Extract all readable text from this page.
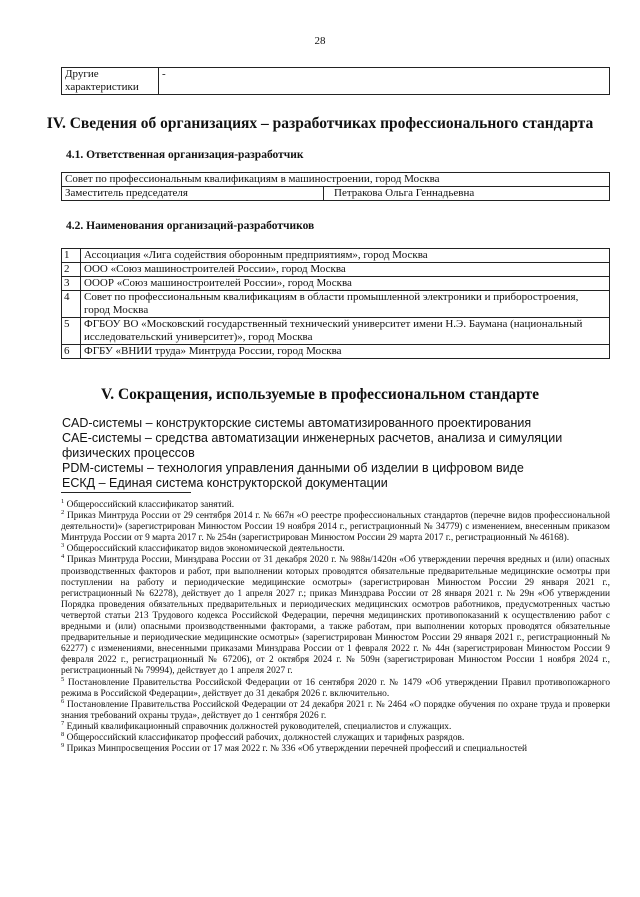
28
Другие характеристики	-
IV. Сведения об организациях – разработчиках профессионального стандарта
4.1. Ответственная организация-разработчик
Совет по профессиональным квалификациям в машиностроении, город Москва
Заместитель председателя	Петракова Ольга Геннадьевна
4.2. Наименования организаций-разработчиков
1	Ассоциация «Лига содействия оборонным предприятиям», город Москва
2	ООО «Союз машиностроителей России», город Москва
3	ОООР «Союз машиностроителей России», город Москва
4	Совет по профессиональным квалификациям в области промышленной электроники и приборостроения, город Москва
5	ФГБОУ ВО «Московский государственный технический университет имени Н.Э. Баумана (национальный исследовательский университет)», город Москва
6	ФГБУ «ВНИИ труда» Минтруда России, город Москва
V. Сокращения, используемые в профессиональном стандарте
CAD-системы – конструкторские системы автоматизированного проектирования
CAE-системы – средства автоматизации инженерных расчетов, анализа и симуляции физических процессов
PDM-системы – технология управления данными об изделии в цифровом виде
ЕСКД – Единая система конструкторской документации

$^1$ Общероссийский классификатор занятий.

$^2$ Приказ Минтруда России от 29 сентября 2014 г. № 667н «О реестре профессиональных стандартов (перечне видов профессиональной деятельности)» (зарегистрирован Минюстом России 19 ноября 2014 г., регистрационный № 34779) с изменением, внесенным приказом Минтруда России от 9 марта 2017 г. № 254н (зарегистрирован Минюстом России 29 марта 2017 г., регистрационный № 46168).

$^3$ Общероссийский классификатор видов экономической деятельности.

$^4$ Приказ Минтруда России, Минздрава России от 31 декабря 2020 г. № 988н/1420н «Об утверждении перечня вредных и (или) опасных производственных факторов и работ, при выполнении которых проводятся обязательные предварительные медицинские осмотры при поступлении на работу и периодические медицинские осмотры» (зарегистрирован Минюстом России 29 января 2021 г., регистрационный № 62278), действует до 1 апреля 2027 г.; приказ Минздрава России от 28 января 2021 г. № 29н «Об утверждении Порядка проведения обязательных предварительных и периодических медицинских осмотров работников, предусмотренных частью четвертой статьи 213 Трудового кодекса Российской Федерации, перечня медицинских противопоказаний к осуществлению работ с вредными и (или) опасными производственными факторами, а также работам, при выполнении которых проводятся обязательные предварительные и периодические медицинские осмотры» (зарегистрирован Минюстом России 29 января 2021 г., регистрационный № 62277) с изменениями, внесенными приказами Минздрава России от 1 февраля 2022 г. № 44н (зарегистрирован Минюстом России 9 февраля 2022 г., регистрационный № 67206), от 2 октября 2024 г. № 509н (зарегистрирован Минюстом России 1 ноября 2024 г., регистрационный № 79994), действует до 1 апреля 2027 г.

$^5$ Постановление Правительства Российской Федерации от 16 сентября 2020 г. № 1479 «Об утверждении Правил противопожарного режима в Российской Федерации», действует до 31 декабря 2026 г. включительно.

$^6$ Постановление Правительства Российской Федерации от 24 декабря 2021 г. № 2464 «О порядке обучения по охране труда и проверки знания требований охраны труда», действует до 1 сентября 2026 г.

$^7$ Единый квалификационный справочник должностей руководителей, специалистов и служащих.

$^8$ Общероссийский классификатор профессий рабочих, должностей служащих и тарифных разрядов.

$^9$ Приказ Минпросвещения России от 17 мая 2022 г. № 336 «Об утверждении перечней профессий и специальностей
